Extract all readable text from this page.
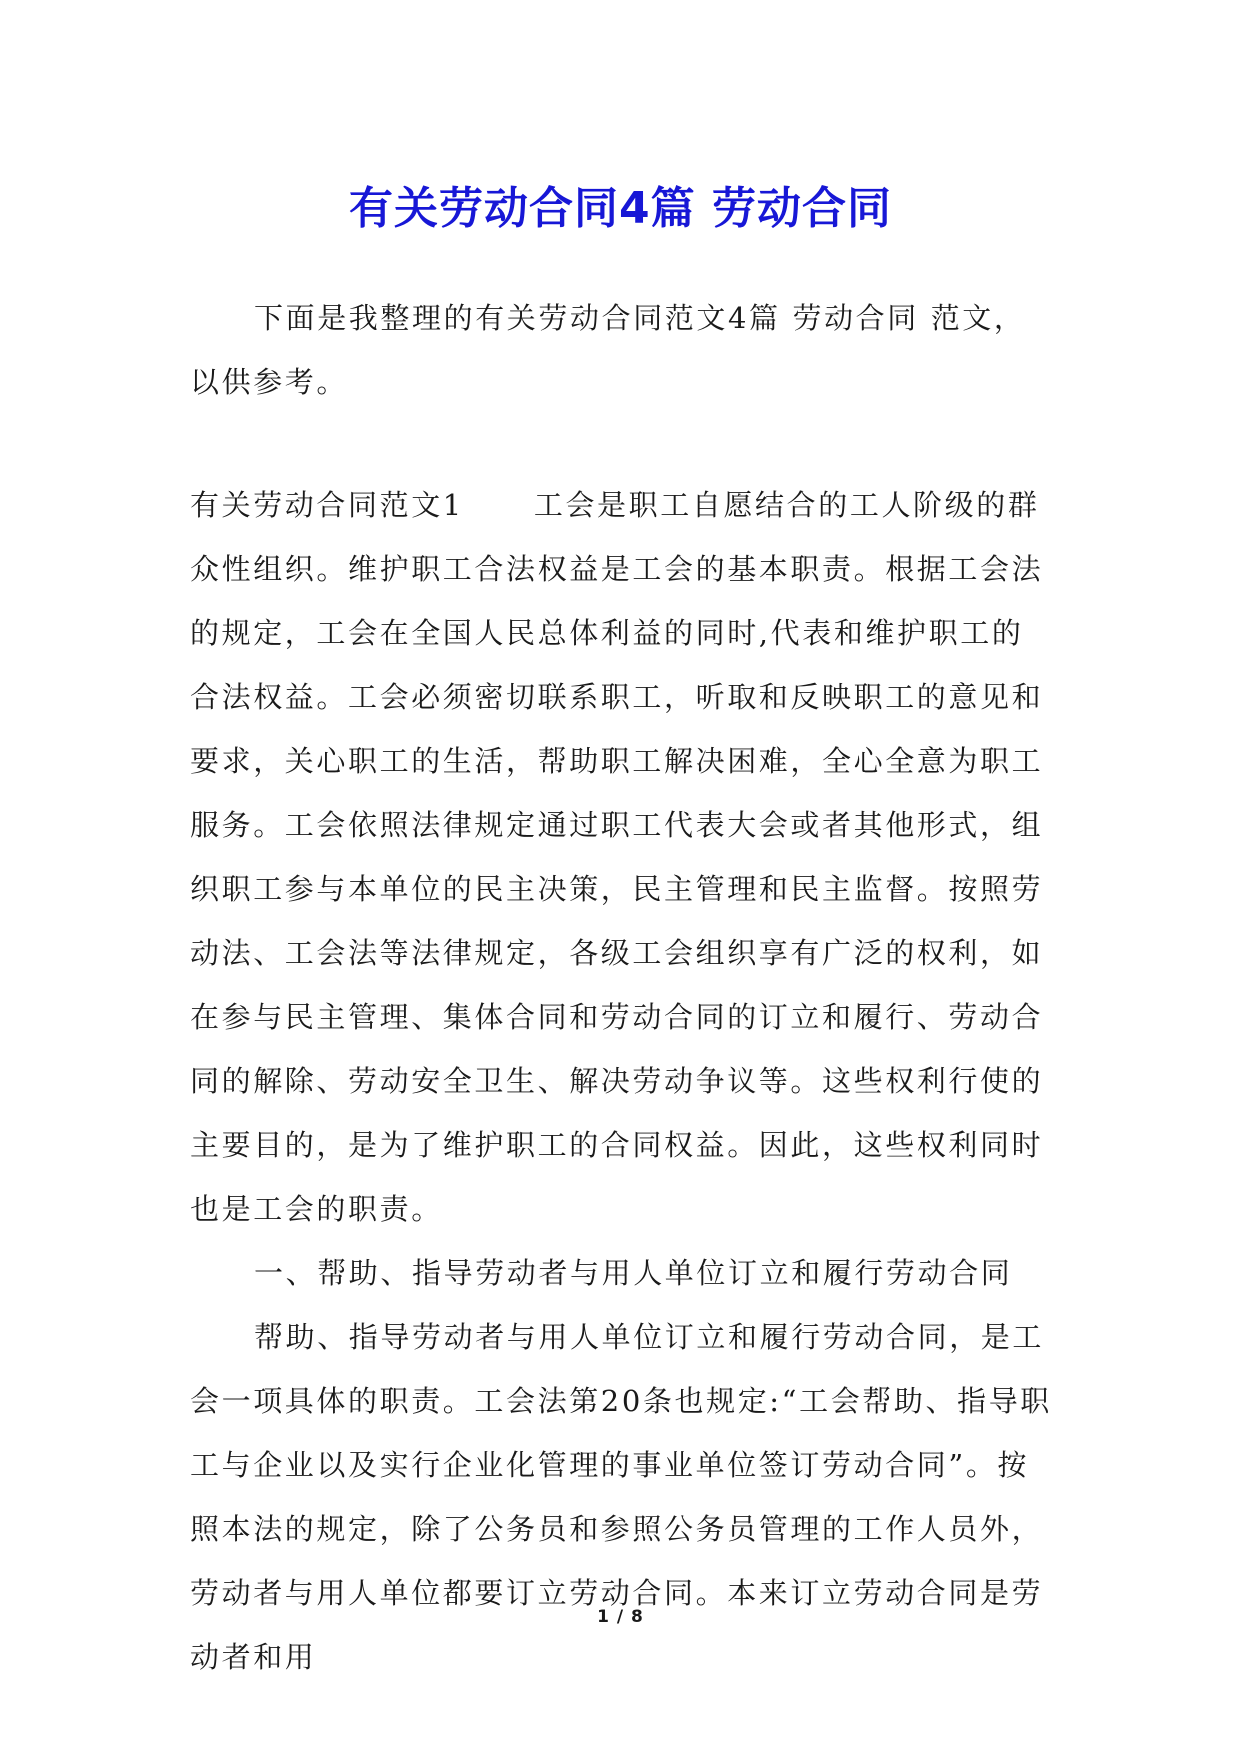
有关劳动合同4篇 劳动合同

下面是我整理的有关劳动合同范文4篇 劳动合同 范文，以供参考。

有关劳动合同范文1 工会是职工自愿结合的工人阶级的群众性组织。维护职工合法权益是工会的基本职责。根据工会法的规定，工会在全国人民总体利益的同时,代表和维护职工的合法权益。工会必须密切联系职工，听取和反映职工的意见和要求，关心职工的生活，帮助职工解决困难，全心全意为职工服务。工会依照法律规定通过职工代表大会或者其他形式，组织职工参与本单位的民主决策，民主管理和民主监督。按照劳动法、工会法等法律规定，各级工会组织享有广泛的权利，如在参与民主管理、集体合同和劳动合同的订立和履行、劳动合同的解除、劳动安全卫生、解决劳动争议等。这些权利行使的主要目的，是为了维护职工的合同权益。因此，这些权利同时也是工会的职责。

一、帮助、指导劳动者与用人单位订立和履行劳动合同

帮助、指导劳动者与用人单位订立和履行劳动合同，是工会一项具体的职责。工会法第20条也规定:“工会帮助、指导职工与企业以及实行企业化管理的事业单位签订劳动合同”。按照本法的规定，除了公务员和参照公务员管理的工作人员外，劳动者与用人单位都要订立劳动合同。本来订立劳动合同是劳动者和用

1 / 8
